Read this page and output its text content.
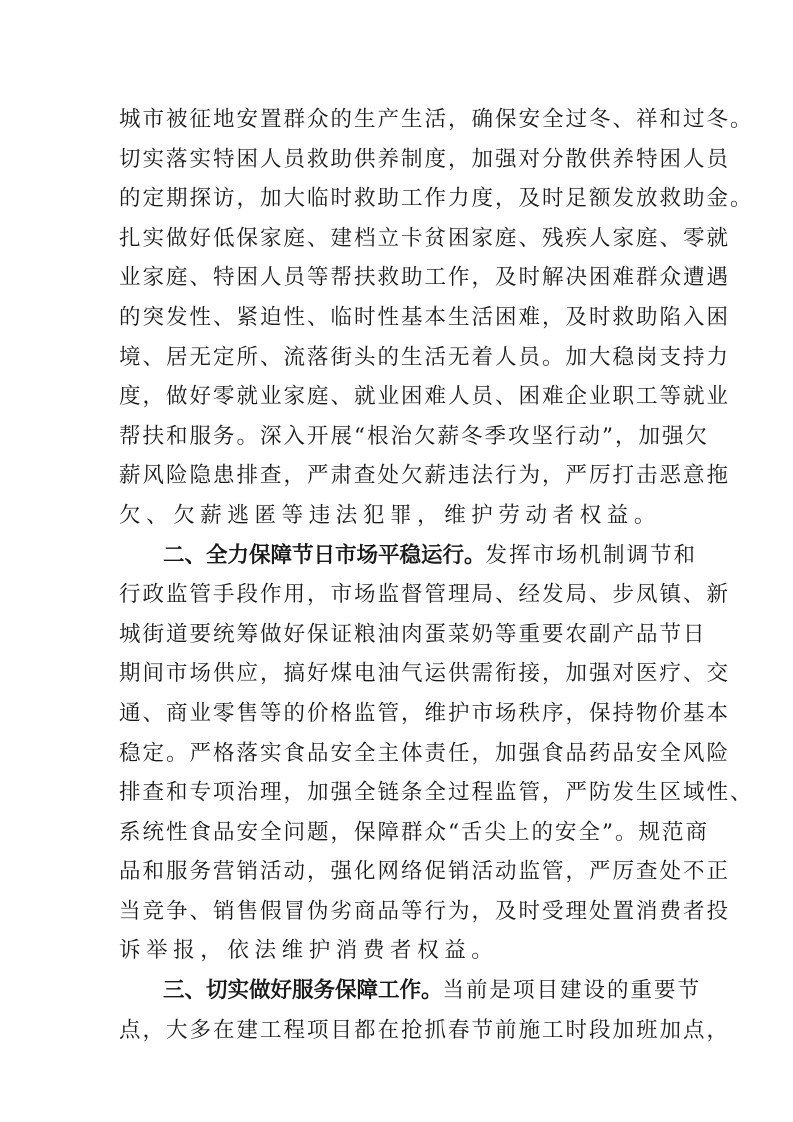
城市被征地安置群众的生产生活，确保安全过冬、祥和过冬。
切实落实特困人员救助供养制度，加强对分散供养特困人员
的定期探访，加大临时救助工作力度，及时足额发放救助金。
扎实做好低保家庭、建档立卡贫困家庭、残疾人家庭、零就
业家庭、特困人员等帮扶救助工作，及时解决困难群众遭遇
的突发性、紧迫性、临时性基本生活困难，及时救助陷入困
境、居无定所、流落街头的生活无着人员。加大稳岗支持力
度，做好零就业家庭、就业困难人员、困难企业职工等就业
帮扶和服务。深入开展“根治欠薪冬季攻坚行动”，加强欠
薪风险隐患排查，严肃查处欠薪违法行为，严厉打击恶意拖
欠、欠薪逃匿等违法犯罪，维护劳动者权益。
二、全力保障节日市场平稳运行。发挥市场机制调节和
行政监管手段作用，市场监督管理局、经发局、步凤镇、新
城街道要统筹做好保证粮油肉蛋菜奶等重要农副产品节日
期间市场供应，搞好煤电油气运供需衔接，加强对医疗、交
通、商业零售等的价格监管，维护市场秩序，保持物价基本
稳定。严格落实食品安全主体责任，加强食品药品安全风险
排查和专项治理，加强全链条全过程监管，严防发生区域性、
系统性食品安全问题，保障群众“舌尖上的安全”。规范商
品和服务营销活动，强化网络促销活动监管，严厉查处不正
当竞争、销售假冒伪劣商品等行为，及时受理处置消费者投
诉举报，依法维护消费者权益。
三、切实做好服务保障工作。当前是项目建设的重要节
点，大多在建工程项目都在抢抓春节前施工时段加班加点，
